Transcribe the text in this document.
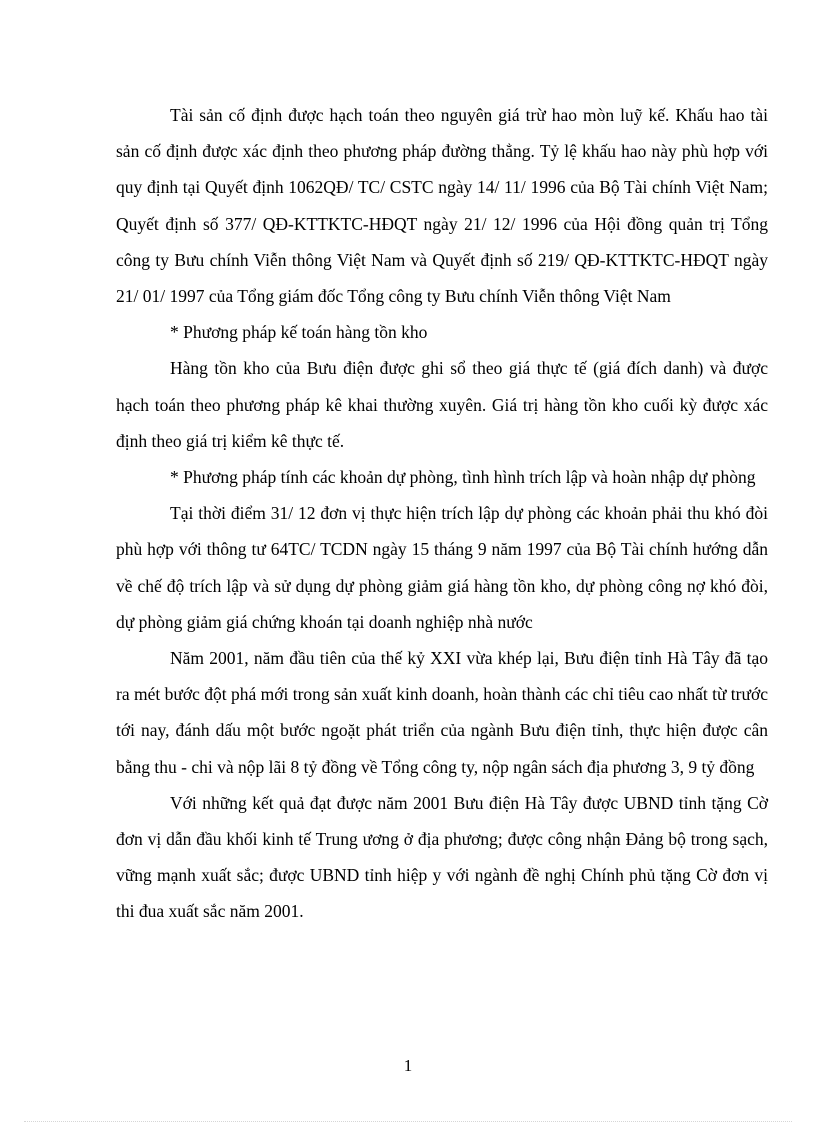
Tài sản cố định được hạch toán theo nguyên giá trừ hao mòn luỹ kế. Khấu hao tài sản cố định được xác định theo phương pháp đường thẳng. Tỷ lệ khấu hao này phù hợp với quy định tại Quyết định 1062QĐ/ TC/ CSTC ngày 14/ 11/ 1996 của Bộ Tài chính Việt Nam; Quyết định số 377/ QĐ-KTTKTC-HĐQT ngày 21/ 12/ 1996 của Hội đồng quản trị Tổng công ty Bưu chính Viễn thông Việt Nam và Quyết định số 219/ QĐ-KTTKTC-HĐQT ngày 21/ 01/ 1997 của Tổng giám đốc Tổng công ty Bưu chính Viễn thông Việt Nam

* Phương pháp kế toán hàng tồn kho

Hàng tồn kho của Bưu điện được ghi sổ theo giá thực tế (giá đích danh) và được hạch toán theo phương pháp kê khai thường xuyên. Giá trị hàng tồn kho cuối kỳ được xác định theo giá trị kiểm kê thực tế.

* Phương pháp tính các khoản dự phòng, tình hình trích lập và hoàn nhập dự phòng

Tại thời điểm 31/ 12 đơn vị thực hiện trích lập dự phòng các khoản phải thu khó đòi phù hợp với thông tư 64TC/ TCDN ngày 15 tháng 9 năm 1997 của Bộ Tài chính hướng dẫn về chế độ trích lập và sử dụng dự phòng giảm giá hàng tồn kho, dự phòng công nợ khó đòi, dự phòng giảm giá chứng khoán tại doanh nghiệp nhà nước

Năm 2001, năm đầu tiên của thế kỷ XXI vừa khép lại, Bưu điện tỉnh Hà Tây đã tạo ra mét bước đột phá mới trong sản xuất kinh doanh, hoàn thành các chỉ tiêu cao nhất từ trước tới nay, đánh dấu một bước ngoặt phát triển của ngành Bưu điện tỉnh, thực hiện được cân bằng thu - chi và nộp lãi 8 tỷ đồng về Tổng công ty, nộp ngân sách địa phương 3, 9 tỷ đồng

Với những kết quả đạt được năm 2001 Bưu điện Hà Tây được UBND tỉnh tặng Cờ đơn vị dẫn đầu khối kinh tế Trung ương ở địa phương; được công nhận Đảng bộ trong sạch, vững mạnh xuất sắc; được UBND tỉnh hiệp y với ngành đề nghị Chính phủ tặng Cờ đơn vị thi đua xuất sắc năm 2001.

1
